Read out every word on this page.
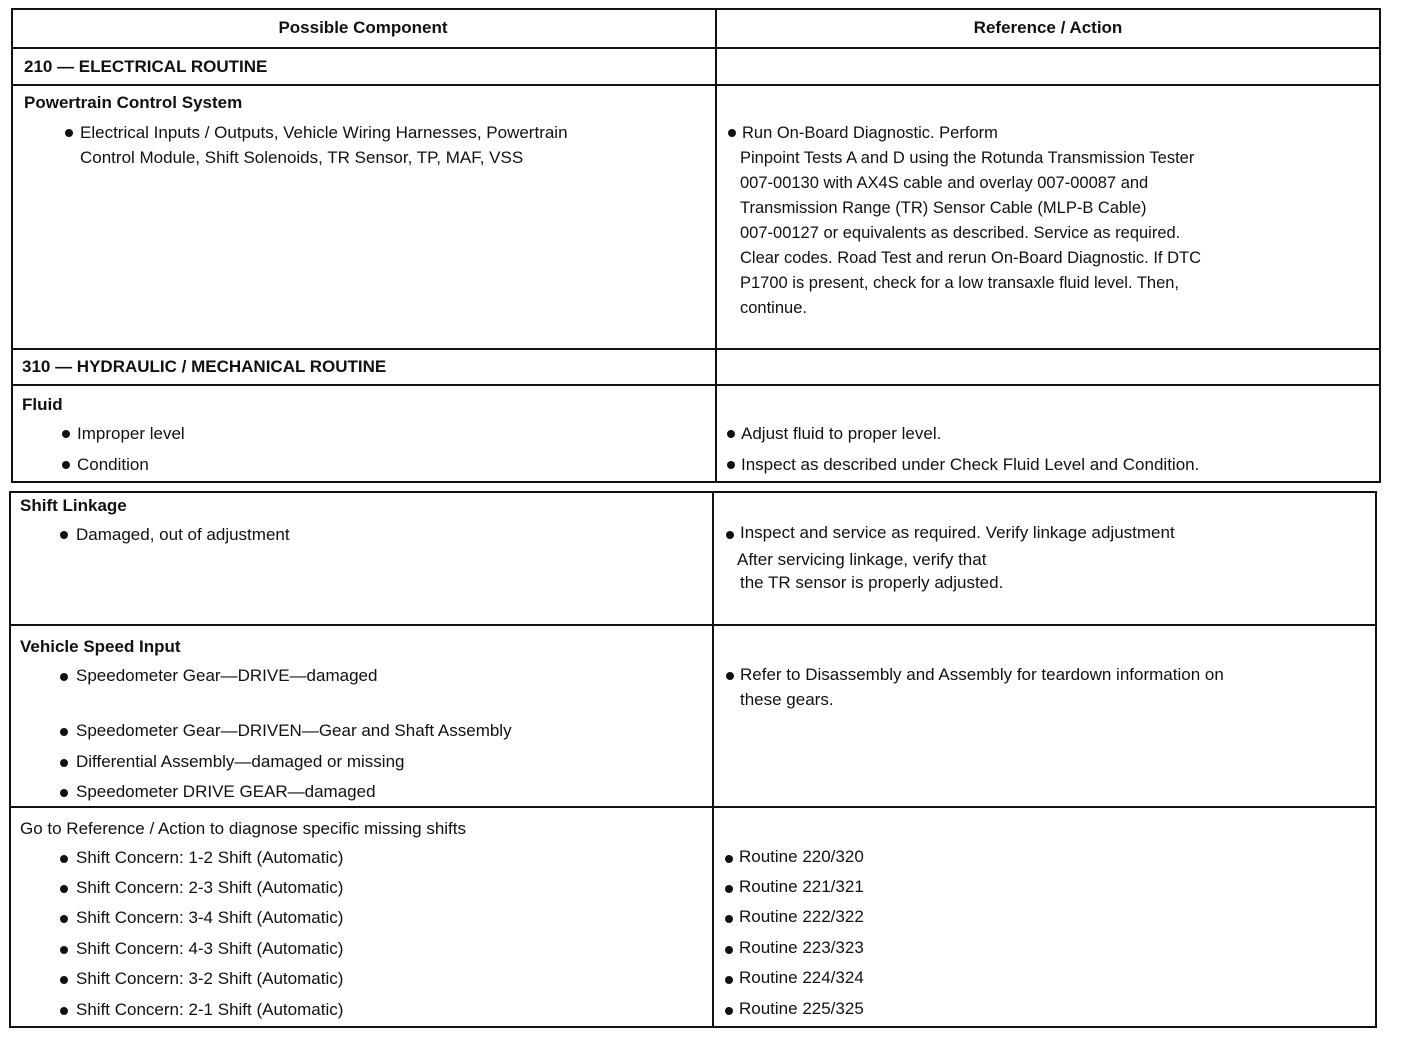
Possible Component	Reference / Action
210 — ELECTRICAL ROUTINE
Powertrain Control System
Electrical Inputs / Outputs, Vehicle Wiring Harnesses, Powertrain
Control Module, Shift Solenoids, TR Sensor, TP, MAF, VSS
Run On-Board Diagnostic. Perform
Pinpoint Tests A and D using the Rotunda Transmission Tester
007-00130 with AX4S cable and overlay 007-00087 and
Transmission Range (TR) Sensor Cable (MLP-B Cable)
007-00127 or equivalents as described. Service as required.
Clear codes. Road Test and rerun On-Board Diagnostic. If DTC
P1700 is present, check for a low transaxle fluid level. Then,
continue.
310 — HYDRAULIC / MECHANICAL ROUTINE
Fluid
Improper level
Condition
Adjust fluid to proper level.
Inspect as described under Check Fluid Level and Condition.
Shift Linkage
Damaged, out of adjustment	Inspect and service as required. Verify linkage adjustment
After servicing linkage, verify that
the TR sensor is properly adjusted.
Vehicle Speed Input
Speedometer Gear—DRIVE—damaged
Speedometer Gear—DRIVEN—Gear and Shaft Assembly
Differential Assembly—damaged or missing
Speedometer DRIVE GEAR—damaged
Refer to Disassembly and Assembly for teardown information on
these gears.
Go to Reference / Action to diagnose specific missing shifts
Shift Concern: 1-2 Shift (Automatic)
Shift Concern: 2-3 Shift (Automatic)
Shift Concern: 3-4 Shift (Automatic)
Shift Concern: 4-3 Shift (Automatic)
Shift Concern: 3-2 Shift (Automatic)
Shift Concern: 2-1 Shift (Automatic)
Routine 220/320
Routine 221/321
Routine 222/322
Routine 223/323
Routine 224/324
Routine 225/325
